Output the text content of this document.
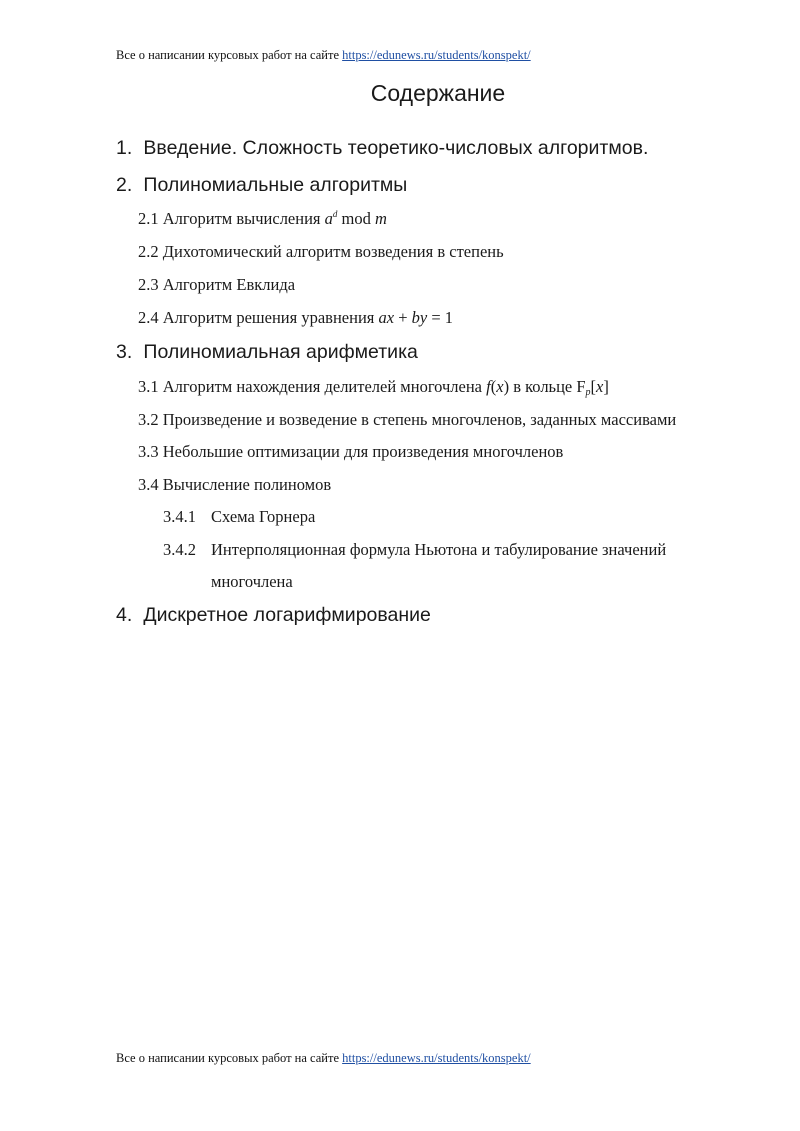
Все о написании курсовых работ на сайте https://edunews.ru/students/konspekt/
Содержание
1. Введение. Сложность теоретико-числовых алгоритмов.
2. Полиномиальные алгоритмы
2.1 Алгоритм вычисления $a^d$ mod m
2.2 Дихотомический алгоритм возведения в степень
2.3 Алгоритм Евклида
2.4 Алгоритм решения уравнения ax + by = 1
3. Полиномиальная арифметика
3.1 Алгоритм нахождения делителей многочлена f(x) в кольце $F_p[x]$
3.2 Произведение и возведение в степень многочленов, заданных массивами
3.3 Небольшие оптимизации для произведения многочленов
3.4 Вычисление полиномов
3.4.1 Схема Горнера
3.4.2 Интерполяционная формула Ньютона и табулирование значений
многочлена
4. Дискретное логарифмирование
Все о написании курсовых работ на сайте https://edunews.ru/students/konspekt/
